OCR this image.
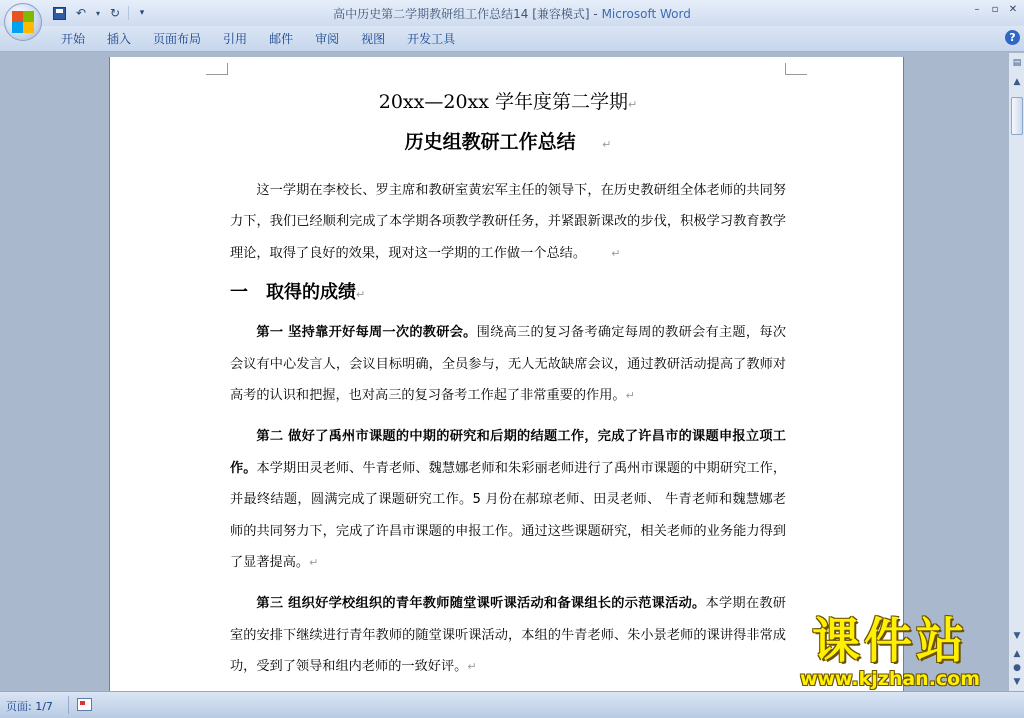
↶	▾ ↻	▾	高中历史第二学期教研组工作总结14 [兼容模式] - Microsoft Word	–	▫	✕
开始	插入	页面布局	引用	邮件	审阅	视图	开发工具	?
20xx—20xx 学年度第二学期↵
历史组教研工作总结 ↵
这一学期在李校长、罗主席和教研室黄宏军主任的领导下，在历史教研组全体老师的共同努力下，我们已经顺利完成了本学期各项教学教研任务，并紧跟新课改的步伐，积极学习教育教学理论，取得了良好的效果，现对这一学期的工作做一个总结。 ↵
一　取得的成绩↵
第一 坚持靠开好每周一次的教研会。围绕高三的复习备考确定每周的教研会有主题，每次会议有中心发言人，会议目标明确，全员参与，无人无故缺席会议，通过教研活动提高了教师对高考的认识和把握，也对高三的复习备考工作起了非常重要的作用。↵
第二 做好了禹州市课题的中期的研究和后期的结题工作，完成了许昌市的课题申报立项工作。本学期田灵老师、牛青老师、魏慧娜老师和朱彩丽老师进行了禹州市课题的中期研究工作，并最终结题，圆满完成了课题研究工作。5 月份在郝琼老师、田灵老师、 牛青老师和魏慧娜老师的共同努力下，完成了许昌市课题的申报工作。通过这些课题研究，相关老师的业务能力得到了显著提高。↵
第三 组织好学校组织的青年教师随堂课听课活动和备课组长的示范课活动。本学期在教研室的安排下继续进行青年教师的随堂课听课活动，本组的牛青老师、朱小景老师的课讲得非常成功，受到了领导和组内老师的一致好评。↵
▤
▲
▼
▲
●
▼
页面: 1/7
课件站
www.kjzhan.com
